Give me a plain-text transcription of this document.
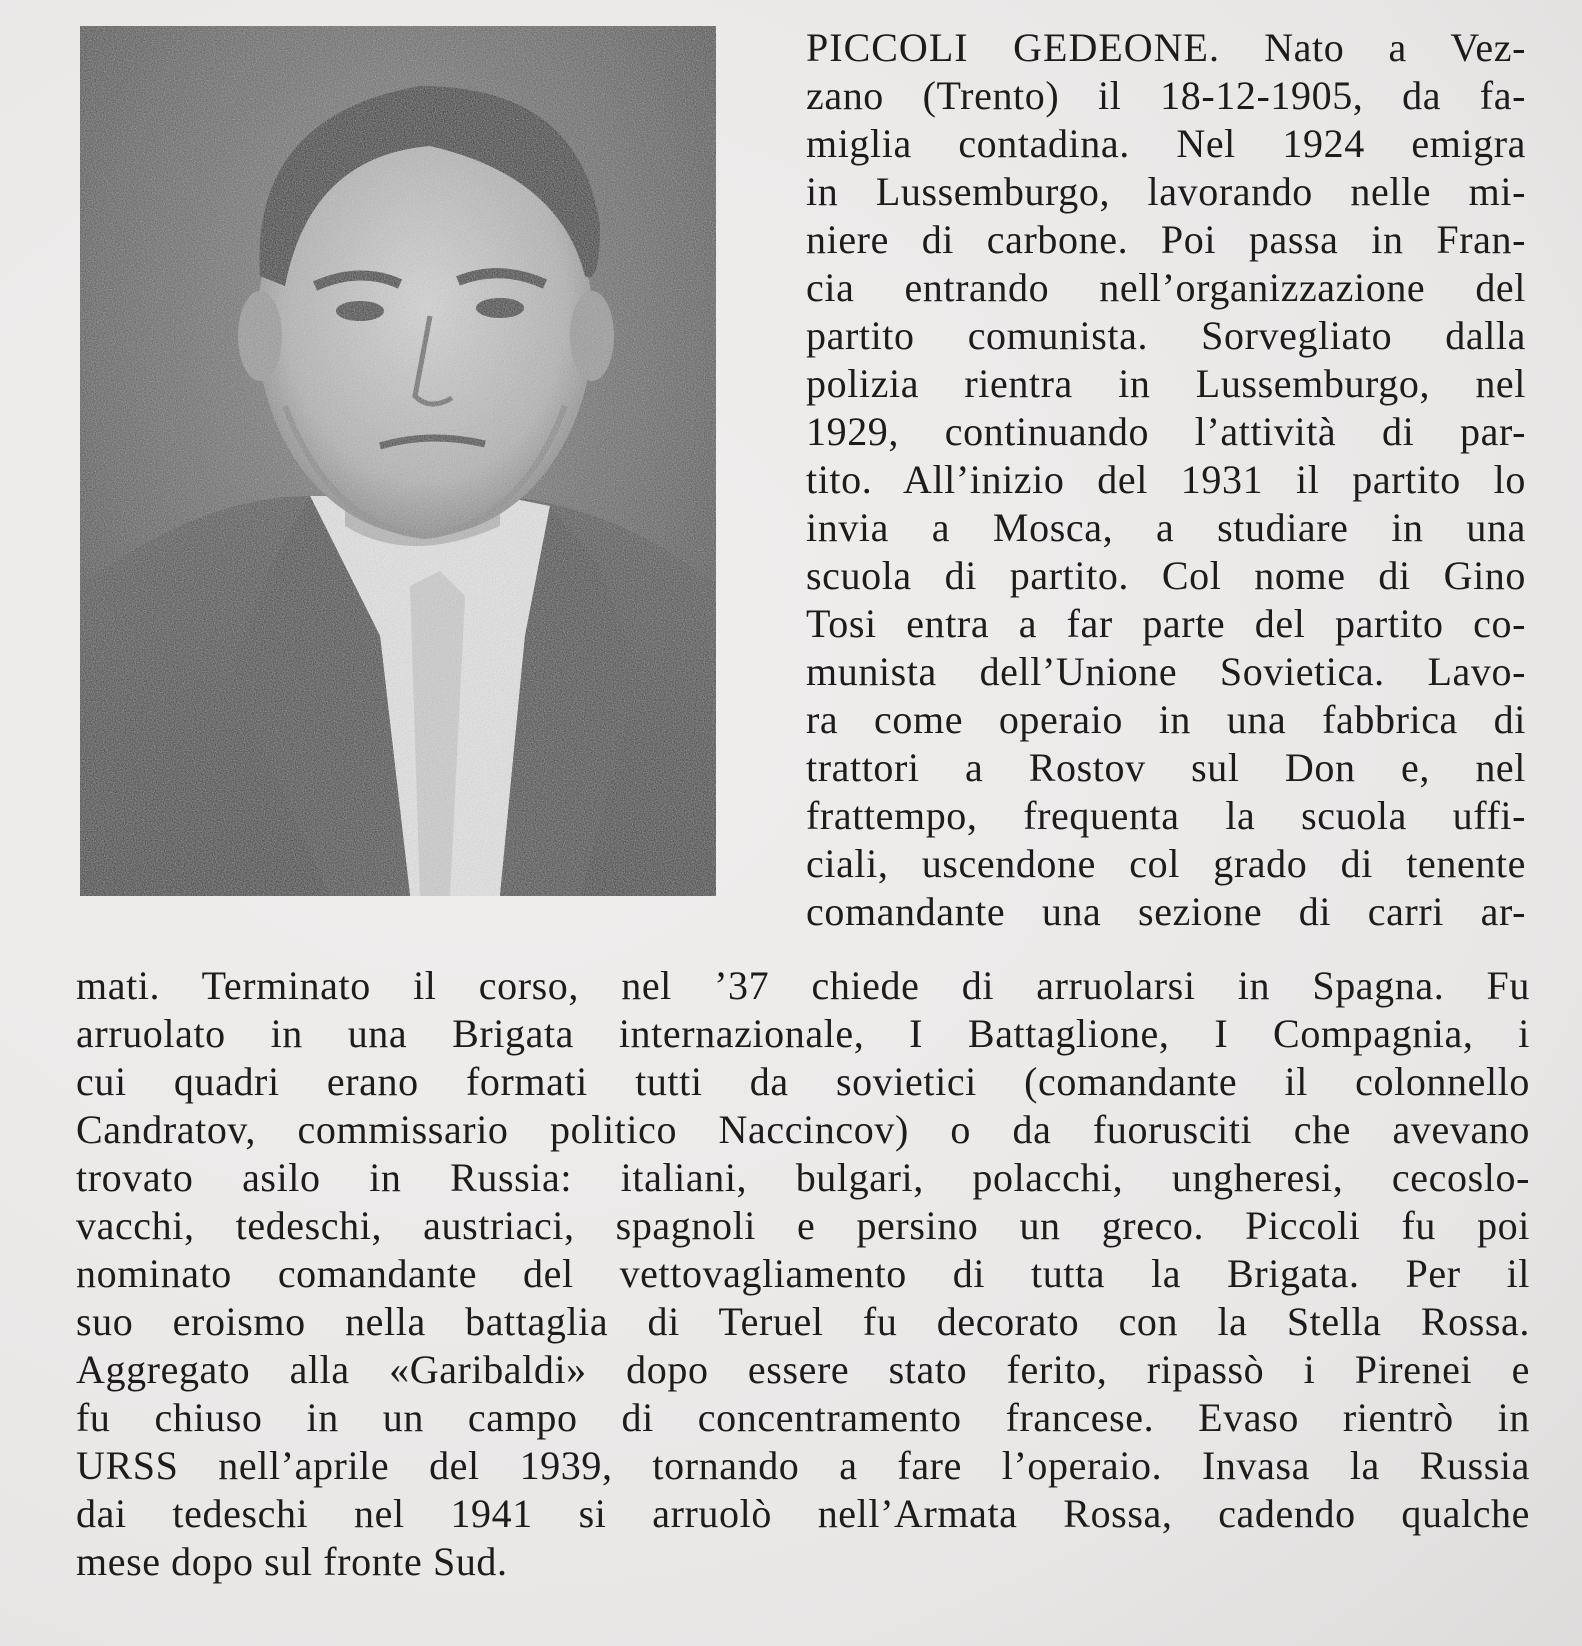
PICCOLI GEDEONE. Nato a Vez-
zano (Trento) il 18-12-1905, da fa-
miglia contadina. Nel 1924 emigra
in Lussemburgo, lavorando nelle mi-
niere di carbone. Poi passa in Fran-
cia entrando nell’organizzazione del
partito comunista. Sorvegliato dalla
polizia rientra in Lussemburgo, nel
1929, continuando l’attività di par-
tito. All’inizio del 1931 il partito lo
invia a Mosca, a studiare in una
scuola di partito. Col nome di Gino
Tosi entra a far parte del partito co-
munista dell’Unione Sovietica. Lavo-
ra come operaio in una fabbrica di
trattori a Rostov sul Don e, nel
frattempo, frequenta la scuola uffi-
ciali, uscendone col grado di tenente
comandante una sezione di carri ar-
mati. Terminato il corso, nel ’37 chiede di arruolarsi in Spagna. Fu
arruolato in una Brigata internazionale, I Battaglione, I Compagnia, i
cui quadri erano formati tutti da sovietici (comandante il colonnello
Candratov, commissario politico Naccincov) o da fuorusciti che avevano
trovato asilo in Russia: italiani, bulgari, polacchi, ungheresi, cecoslo-
vacchi, tedeschi, austriaci, spagnoli e persino un greco. Piccoli fu poi
nominato comandante del vettovagliamento di tutta la Brigata. Per il
suo eroismo nella battaglia di Teruel fu decorato con la Stella Rossa.
Aggregato alla «Garibaldi» dopo essere stato ferito, ripassò i Pirenei e
fu chiuso in un campo di concentramento francese. Evaso rientrò in
URSS nell’aprile del 1939, tornando a fare l’operaio. Invasa la Russia
dai tedeschi nel 1941 si arruolò nell’Armata Rossa, cadendo qualche
mese dopo sul fronte Sud.
